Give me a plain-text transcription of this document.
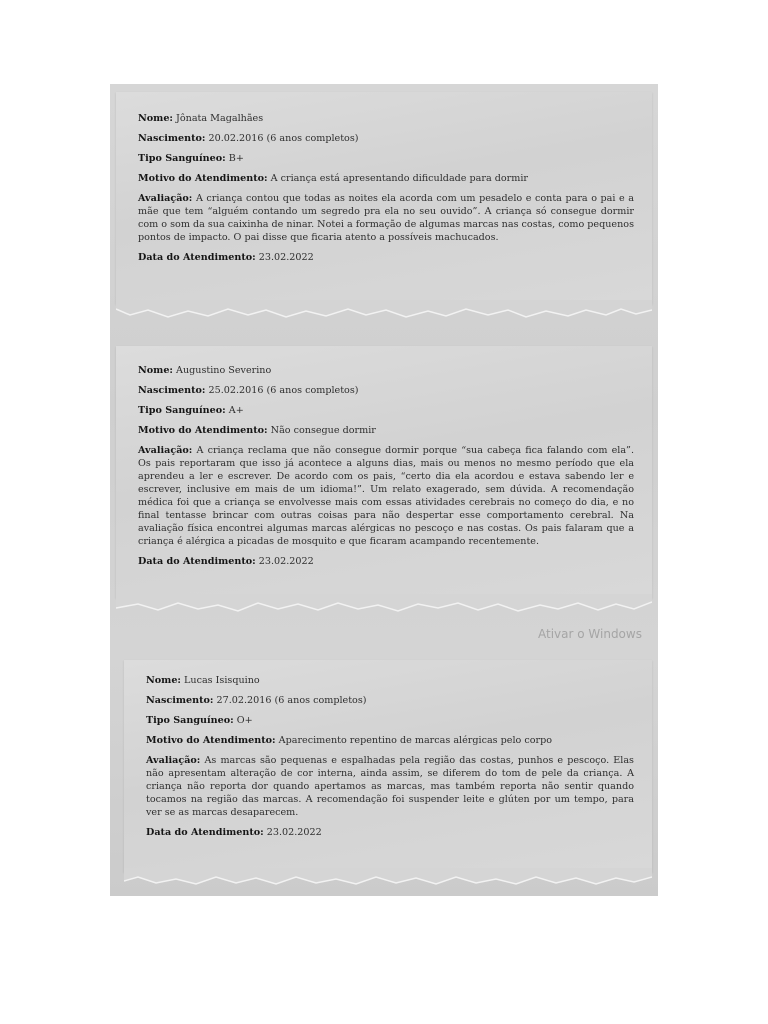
Nome: Jônata Magalhães

Nascimento: 20.02.2016 (6 anos completos)

Tipo Sanguíneo: B+

Motivo do Atendimento: A criança está apresentando dificuldade para dormir

Avaliação: A criança contou que todas as noites ela acorda com um pesadelo e conta para o pai e a mãe que tem “alguém contando um segredo pra ela no seu ouvido”. A criança só consegue dormir com o som da sua caixinha de ninar. Notei a formação de algumas marcas nas costas, como pequenos pontos de impacto. O pai disse que ficaria atento a possíveis machucados.

Data do Atendimento: 23.02.2022

Nome: Augustino Severino

Nascimento: 25.02.2016 (6 anos completos)

Tipo Sanguíneo: A+

Motivo do Atendimento: Não consegue dormir

Avaliação: A criança reclama que não consegue dormir porque “sua cabeça fica falando com ela”. Os pais reportaram que isso já acontece a alguns dias, mais ou menos no mesmo período que ela aprendeu a ler e escrever. De acordo com os pais, “certo dia ela acordou e estava sabendo ler e escrever, inclusive em mais de um idioma!”. Um relato exagerado, sem dúvida. A recomendação médica foi que a criança se envolvesse mais com essas atividades cerebrais no começo do dia, e no final tentasse brincar com outras coisas para não despertar esse comportamento cerebral. Na avaliação física encontrei algumas marcas alérgicas no pescoço e nas costas. Os pais falaram que a criança é alérgica a picadas de mosquito e que ficaram acampando recentemente.

Data do Atendimento: 23.02.2022

Ativar o Windows

Nome: Lucas Isisquino

Nascimento: 27.02.2016 (6 anos completos)

Tipo Sanguíneo: O+

Motivo do Atendimento: Aparecimento repentino de marcas alérgicas pelo corpo

Avaliação: As marcas são pequenas e espalhadas pela região das costas, punhos e pescoço. Elas não apresentam alteração de cor interna, ainda assim, se diferem do tom de pele da criança. A criança não reporta dor quando apertamos as marcas, mas também reporta não sentir quando tocamos na região das marcas. A recomendação foi suspender leite e glúten por um tempo, para ver se as marcas desaparecem.

Data do Atendimento: 23.02.2022
